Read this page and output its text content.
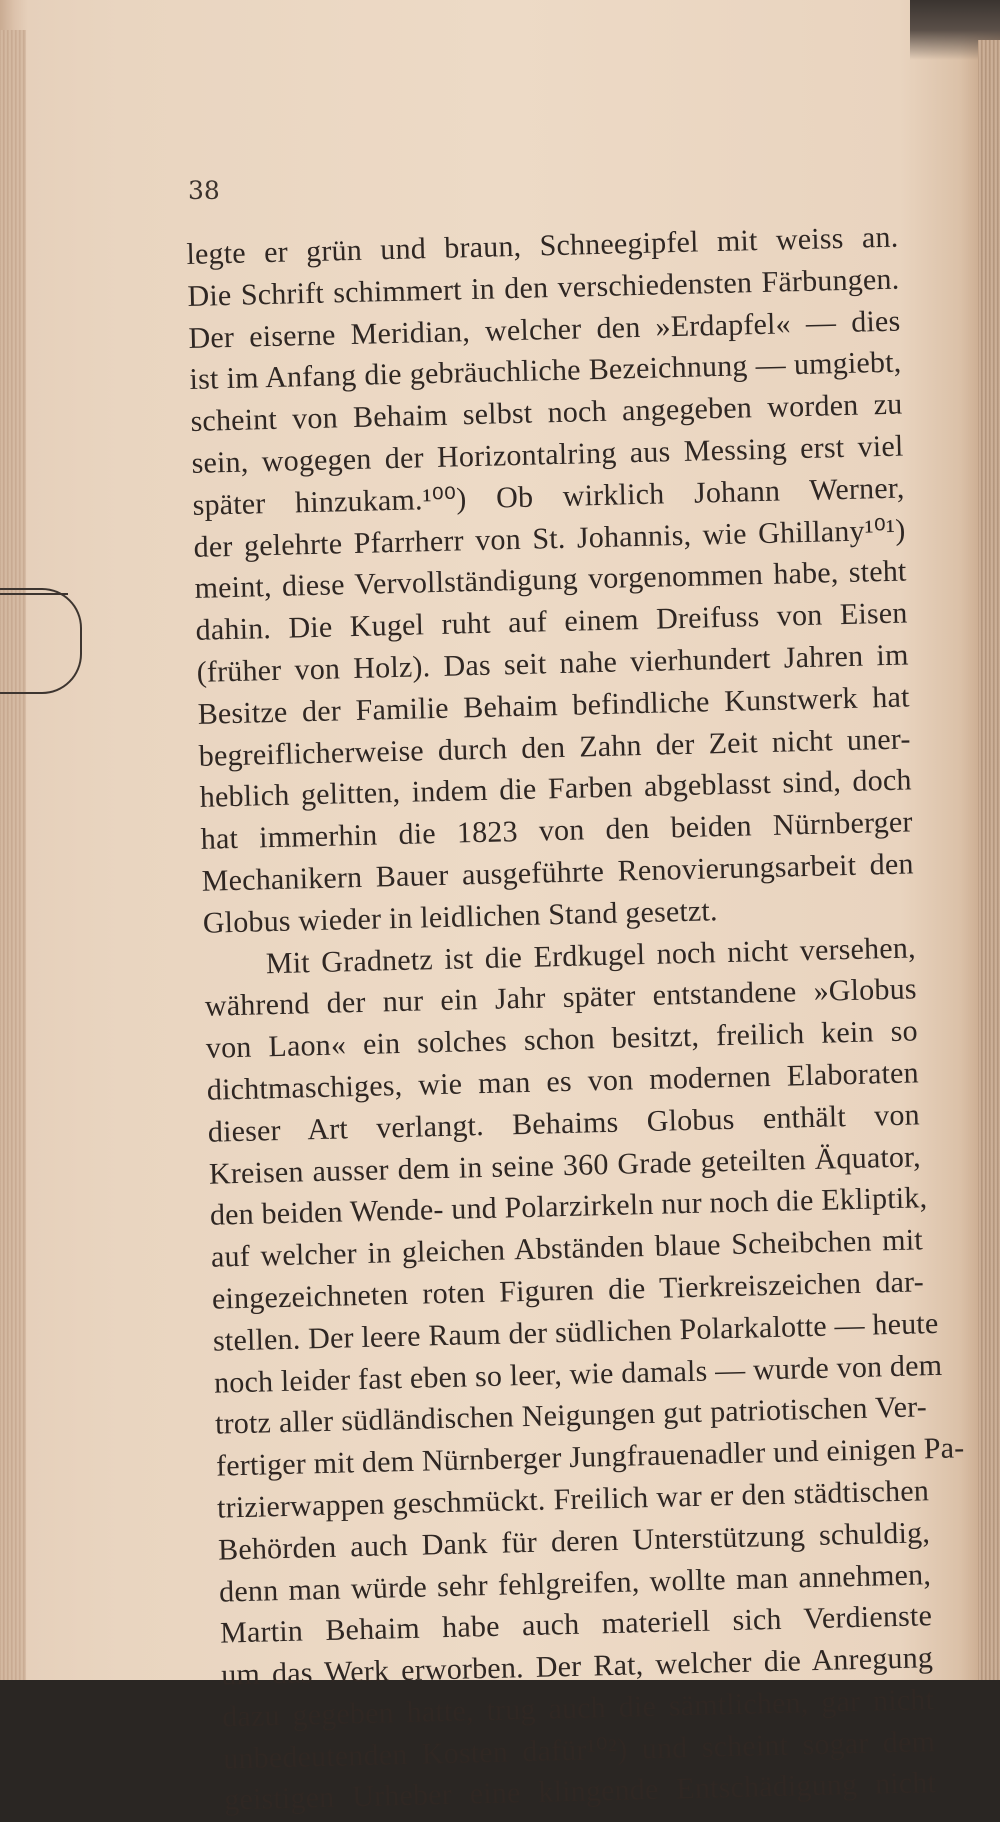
38
legte er grün und braun, Schneegipfel mit weiss an.
Die Schrift schimmert in den verschiedensten Färbungen.
Der eiserne Meridian, welcher den »Erdapfel« — dies
ist im Anfang die gebräuchliche Bezeichnung — umgiebt,
scheint von Behaim selbst noch angegeben worden zu
sein, wogegen der Horizontalring aus Messing erst viel
später hinzukam.¹⁰⁰) Ob wirklich Johann Werner,
der gelehrte Pfarrherr von St. Johannis, wie Ghillany¹⁰¹)
meint, diese Vervollständigung vorgenommen habe, steht
dahin. Die Kugel ruht auf einem Dreifuss von Eisen
(früher von Holz). Das seit nahe vierhundert Jahren im
Besitze der Familie Behaim befindliche Kunstwerk hat
begreiflicherweise durch den Zahn der Zeit nicht uner-
heblich gelitten, indem die Farben abgeblasst sind, doch
hat immerhin die 1823 von den beiden Nürnberger
Mechanikern Bauer ausgeführte Renovierungsarbeit den
Globus wieder in leidlichen Stand gesetzt.
Mit Gradnetz ist die Erdkugel noch nicht versehen,
während der nur ein Jahr später entstandene »Globus
von Laon« ein solches schon besitzt, freilich kein so
dichtmaschiges, wie man es von modernen Elaboraten
dieser Art verlangt. Behaims Globus enthält von
Kreisen ausser dem in seine 360 Grade geteilten Äquator,
den beiden Wende- und Polarzirkeln nur noch die Ekliptik,
auf welcher in gleichen Abständen blaue Scheibchen mit
eingezeichneten roten Figuren die Tierkreiszeichen dar-
stellen. Der leere Raum der südlichen Polarkalotte — heute
noch leider fast eben so leer, wie damals — wurde von dem
trotz aller südländischen Neigungen gut patriotischen Ver-
fertiger mit dem Nürnberger Jungfrauenadler und einigen Pa-
trizierwappen geschmückt. Freilich war er den städtischen
Behörden auch Dank für deren Unterstützung schuldig,
denn man würde sehr fehlgreifen, wollte man annehmen,
Martin Behaim habe auch materiell sich Verdienste
um das Werk erworben. Der Rat, welcher die Anregung
dazu gegeben hatte, trug auch die sämtlichen, gar nicht
unbedeutenden Kosten dafür¹⁰²) und scheint sogar dem
geistigen Urheber eine klingende Entschädigung nicht
